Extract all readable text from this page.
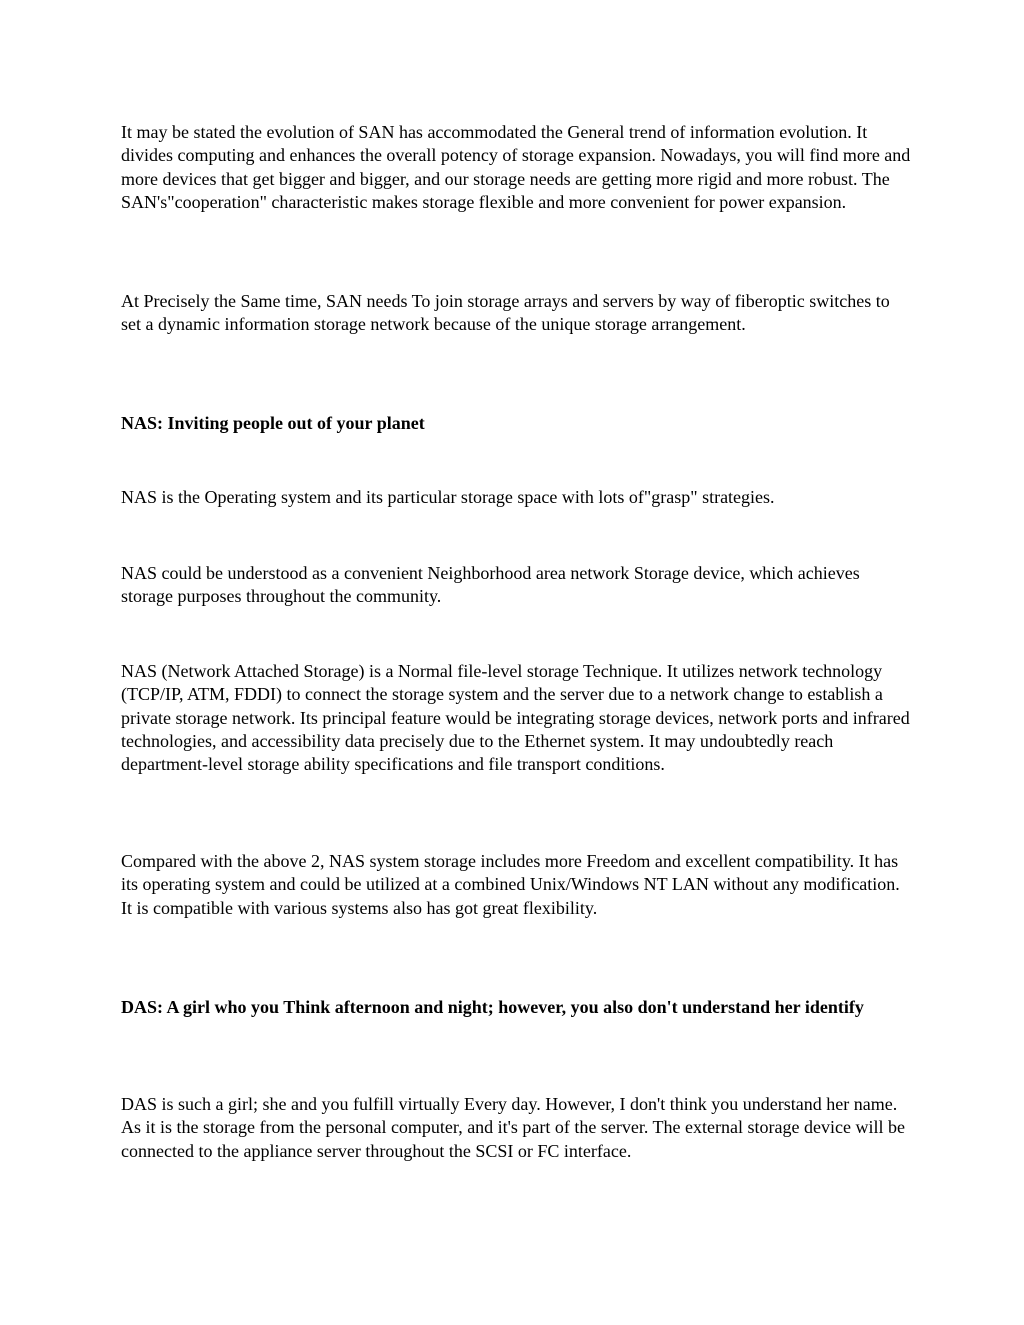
It may be stated the evolution of SAN has accommodated the General trend of information evolution. It divides computing and enhances the overall potency of storage expansion. Nowadays, you will find more and more devices that get bigger and bigger, and our storage needs are getting more rigid and more robust. The SAN's"cooperation" characteristic makes storage flexible and more convenient for power expansion.

At Precisely the Same time, SAN needs To join storage arrays and servers by way of fiberoptic switches to set a dynamic information storage network because of the unique storage arrangement.

NAS: Inviting people out of your planet

NAS is the Operating system and its particular storage space with lots of"grasp" strategies.

NAS could be understood as a convenient Neighborhood area network Storage device, which achieves storage purposes throughout the community.

NAS (Network Attached Storage) is a Normal file-level storage Technique. It utilizes network technology (TCP/IP, ATM, FDDI) to connect the storage system and the server due to a network change to establish a private storage network. Its principal feature would be integrating storage devices, network ports and infrared technologies, and accessibility data precisely due to the Ethernet system. It may undoubtedly reach department-level storage ability specifications and file transport conditions.

Compared with the above 2, NAS system storage includes more Freedom and excellent compatibility. It has its operating system and could be utilized at a combined Unix/Windows NT LAN without any modification. It is compatible with various systems also has got great flexibility.

DAS: A girl who you Think afternoon and night; however, you also don't understand her identify

DAS is such a girl; she and you fulfill virtually Every day. However, I don't think you understand her name. As it is the storage from the personal computer, and it's part of the server. The external storage device will be connected to the appliance server throughout the SCSI or FC interface.
